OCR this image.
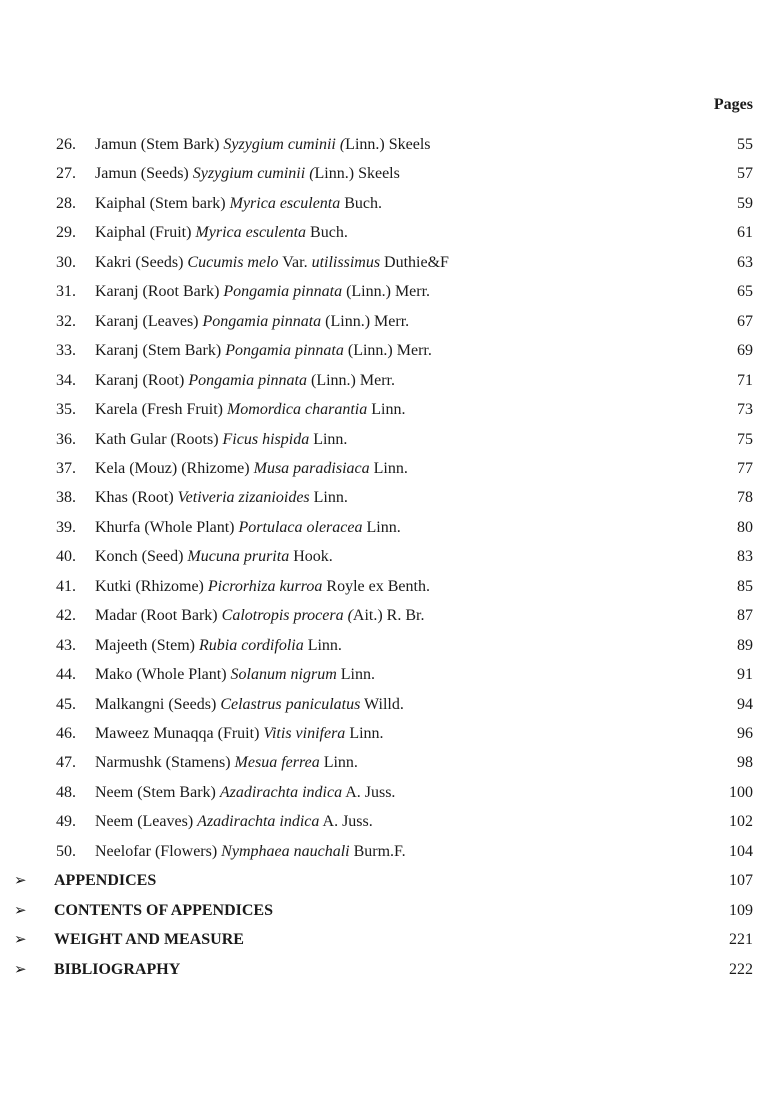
Pages
26. Jamun (Stem Bark) Syzygium cuminii (Linn.) Skeels	55
27. Jamun (Seeds) Syzygium cuminii (Linn.) Skeels	57
28. Kaiphal (Stem bark) Myrica esculenta Buch.	59
29. Kaiphal (Fruit) Myrica esculenta Buch.	61
30. Kakri (Seeds) Cucumis melo Var. utilissimus Duthie&F	63
31. Karanj (Root Bark) Pongamia pinnata (Linn.) Merr.	65
32. Karanj (Leaves) Pongamia pinnata (Linn.) Merr.	67
33. Karanj (Stem Bark) Pongamia pinnata (Linn.) Merr.	69
34. Karanj (Root) Pongamia pinnata (Linn.) Merr.	71
35. Karela (Fresh Fruit) Momordica charantia Linn.	73
36. Kath Gular (Roots) Ficus hispida Linn.	75
37. Kela (Mouz) (Rhizome) Musa paradisiaca Linn.	77
38. Khas (Root) Vetiveria zizanioides Linn.	78
39. Khurfa (Whole Plant) Portulaca oleracea Linn.	80
40. Konch (Seed) Mucuna prurita Hook.	83
41. Kutki (Rhizome) Picrorhiza kurroa Royle ex Benth.	85
42. Madar (Root Bark) Calotropis procera (Ait.) R. Br.	87
43. Majeeth (Stem) Rubia cordifolia Linn.	89
44. Mako (Whole Plant) Solanum nigrum Linn.	91
45. Malkangni (Seeds) Celastrus paniculatus Willd.	94
46. Maweez Munaqqa (Fruit) Vitis vinifera Linn.	96
47. Narmushk (Stamens) Mesua ferrea Linn.	98
48. Neem (Stem Bark) Azadirachta indica A. Juss.	100
49. Neem (Leaves) Azadirachta indica A. Juss.	102
50. Neelofar (Flowers) Nymphaea nauchali Burm.F.	104
➢ APPENDICES	107
➢ CONTENTS OF APPENDICES	109
➢ WEIGHT AND MEASURE	221
➢ BIBLIOGRAPHY	222
